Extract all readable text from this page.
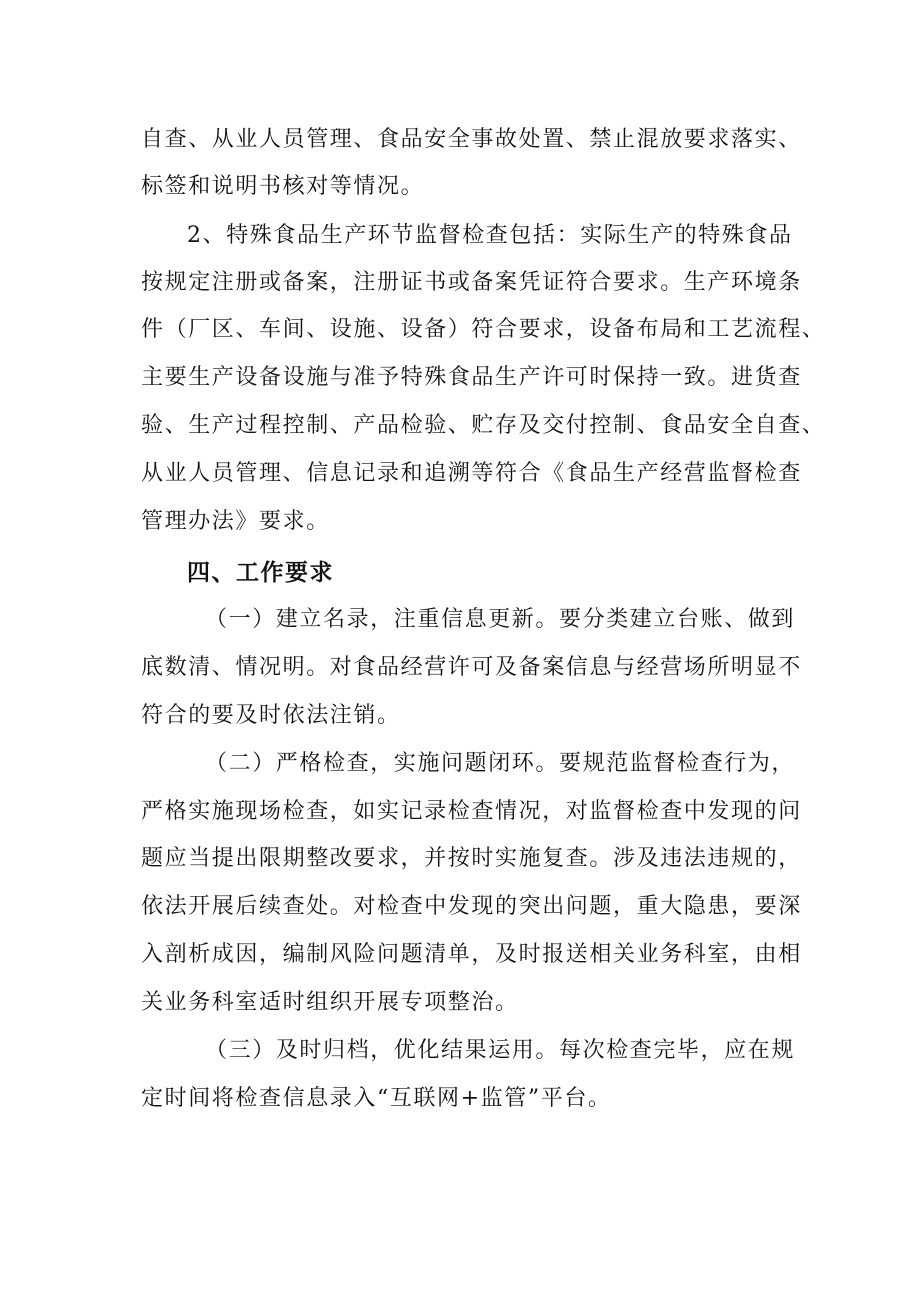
自查、从业人员管理、食品安全事故处置、禁止混放要求落实、
标签和说明书核对等情况。
2、特殊食品生产环节监督检查包括：实际生产的特殊食品
按规定注册或备案，注册证书或备案凭证符合要求。生产环境条
件（厂区、车间、设施、设备）符合要求，设备布局和工艺流程、
主要生产设备设施与准予特殊食品生产许可时保持一致。进货查
验、生产过程控制、产品检验、贮存及交付控制、食品安全自查、
从业人员管理、信息记录和追溯等符合《食品生产经营监督检查
管理办法》要求。
四、工作要求
（一）建立名录，注重信息更新。要分类建立台账、做到
底数清、情况明。对食品经营许可及备案信息与经营场所明显不
符合的要及时依法注销。
（二）严格检查，实施问题闭环。要规范监督检查行为，
严格实施现场检查，如实记录检查情况，对监督检查中发现的问
题应当提出限期整改要求，并按时实施复查。涉及违法违规的，
依法开展后续查处。对检查中发现的突出问题，重大隐患，要深
入剖析成因，编制风险问题清单，及时报送相关业务科室，由相
关业务科室适时组织开展专项整治。
（三）及时归档，优化结果运用。每次检查完毕，应在规
定时间将检查信息录入“互联网+监管”平台。
